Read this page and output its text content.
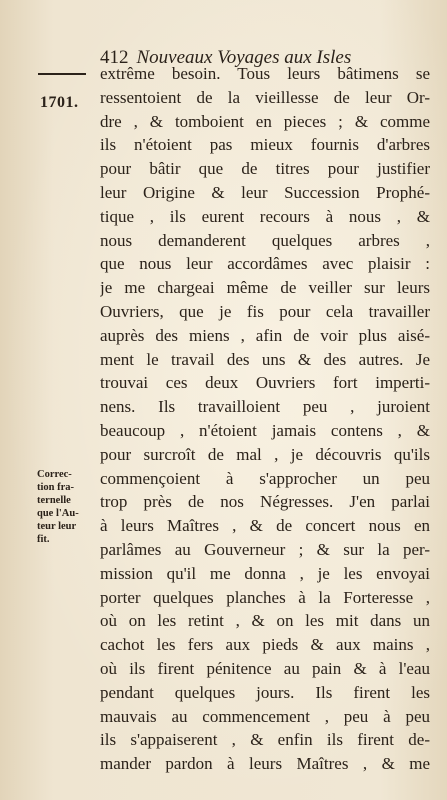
412 Nouveaux Voyages aux Isles
1701.
Correc-
tion fra-
ternelle
que l'Au-
teur leur
fit.
extrême besoin. Tous leurs bâtimens se
ressentoient de la vieillesse de leur Or-
dre , & tomboient en pieces ; & comme
ils n'étoient pas mieux fournis d'arbres
pour bâtir que de titres pour justifier
leur Origine & leur Succession Prophé-
tique , ils eurent recours à nous , &
nous demanderent quelques arbres ,
que nous leur accordâmes avec plaisir :
je me chargeai même de veiller sur leurs
Ouvriers, que je fis pour cela travailler
auprès des miens , afin de voir plus aisé-
ment le travail des uns & des autres. Je
trouvai ces deux Ouvriers fort imperti-
nens. Ils travailloient peu , juroient
beaucoup , n'étoient jamais contens , &
pour surcroît de mal , je découvris qu'ils
commençoient à s'approcher un peu
trop près de nos Négresses. J'en parlai
à leurs Maîtres , & de concert nous en
parlâmes au Gouverneur ; & sur la per-
mission qu'il me donna , je les envoyai
porter quelques planches à la Forteresse ,
où on les retint , & on les mit dans un
cachot les fers aux pieds & aux mains ,
où ils firent pénitence au pain & à l'eau
pendant quelques jours. Ils firent les
mauvais au commencement , peu à peu
ils s'appaiserent , & enfin ils firent de-
mander pardon à leurs Maîtres , & me
